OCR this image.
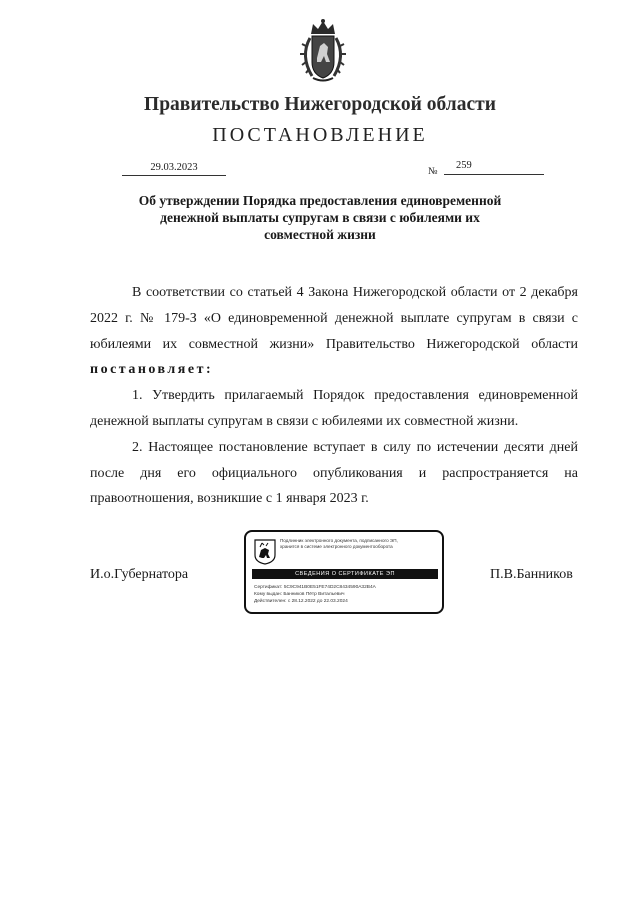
Правительство Нижегородской области
ПОСТАНОВЛЕНИЕ
29.03.2023	№
259
Об утверждении Порядка предоставления единовременной
денежной выплаты супругам в связи с юбилеями их
совместной жизни

В соответствии со статьей 4 Закона Нижегородской области от 2 декабря 2022 г. № 179-З «О единовременной денежной выплате супругам в связи с юбилеями их совместной жизни» Правительство Нижегородской области постановляет:

1. Утвердить прилагаемый Порядок предоставления единовременной денежной выплаты супругам в связи с юбилеями их совместной жизни.

2. Настоящее постановление вступает в силу по истечении десяти дней после дня его официального опубликования и распространяется на правоотношения, возникшие с 1 января 2023 г.

И.о.Губернатора	П.В.Банников
Подлинник электронного документа, подписанного ЭП,
хранится в системе электронного документооборота
СВЕДЕНИЯ О СЕРТИФИКАТЕ ЭП
Сертификат: 5C9C941B0E51FE74D2C8434590A32B4A
Кому выдан: Банников Пётр Витальевич
Действителен: с 28.12.2022 до 22.03.2024
